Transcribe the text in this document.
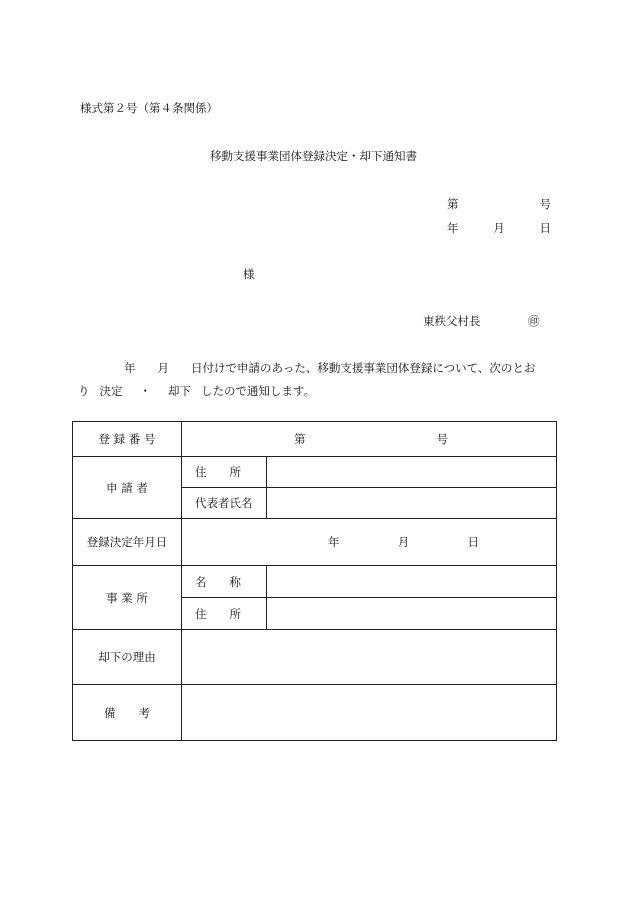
様式第２号（第４条関係）
移動支援事業団体登録決定・却下通知書
第	号
年	月	日
様
東秩父村長	㊞
年 月 日付けで申請のあった、移動支援事業団体登録について、次のとお
り 決定 ・ 却下 したので通知します。
登 録 番 号	第 号	

申 請 者	住　　所	
	代表者氏名	
登録決定年月日	年 月 日	

事 業 所	名　　称	
	住　　所	
却下の理由		
備　　考		
